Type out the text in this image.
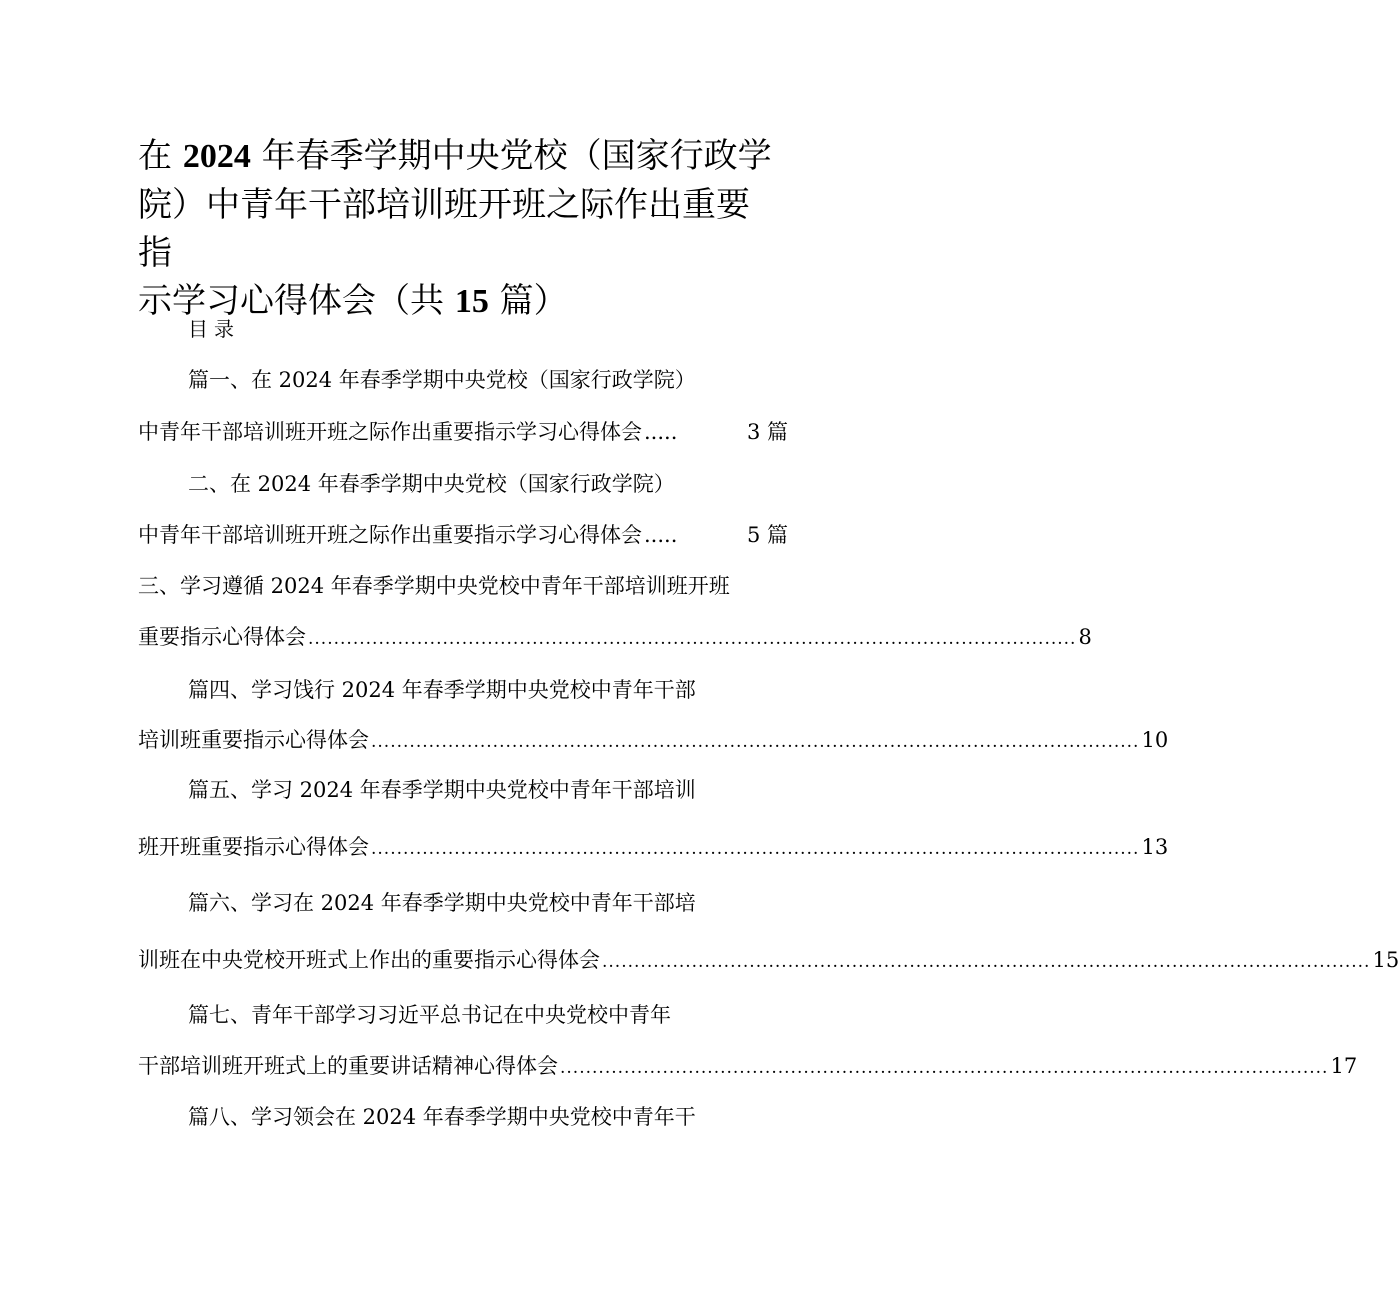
在 2024 年春季学期中央党校（国家行政学
院）中青年干部培训班开班之际作出重要指
示学习心得体会（共 15 篇）
目录
篇一、在 2024 年春季学期中央党校（国家行政学院）
中青年干部培训班开班之际作出重要指示学习心得体会 .....	3 篇
二、在 2024 年春季学期中央党校（国家行政学院）
中青年干部培训班开班之际作出重要指示学习心得体会 .....	5 篇
三、学习遵循 2024 年春季学期中央党校中青年干部培训班开班
重要指示心得体会 ........................................................................................................................ 8
篇四、学习饯行 2024 年春季学期中央党校中青年干部
培训班重要指示心得体会 ........................................................................................................................ 10
篇五、学习 2024 年春季学期中央党校中青年干部培训
班开班重要指示心得体会 ........................................................................................................................ 13
篇六、学习在 2024 年春季学期中央党校中青年干部培
训班在中央党校开班式上作出的重要指示心得体会 ........................................................................................................................ 15
篇七、青年干部学习习近平总书记在中央党校中青年
干部培训班开班式上的重要讲话精神心得体会 ........................................................................................................................ 17
篇八、学习领会在 2024 年春季学期中央党校中青年干
